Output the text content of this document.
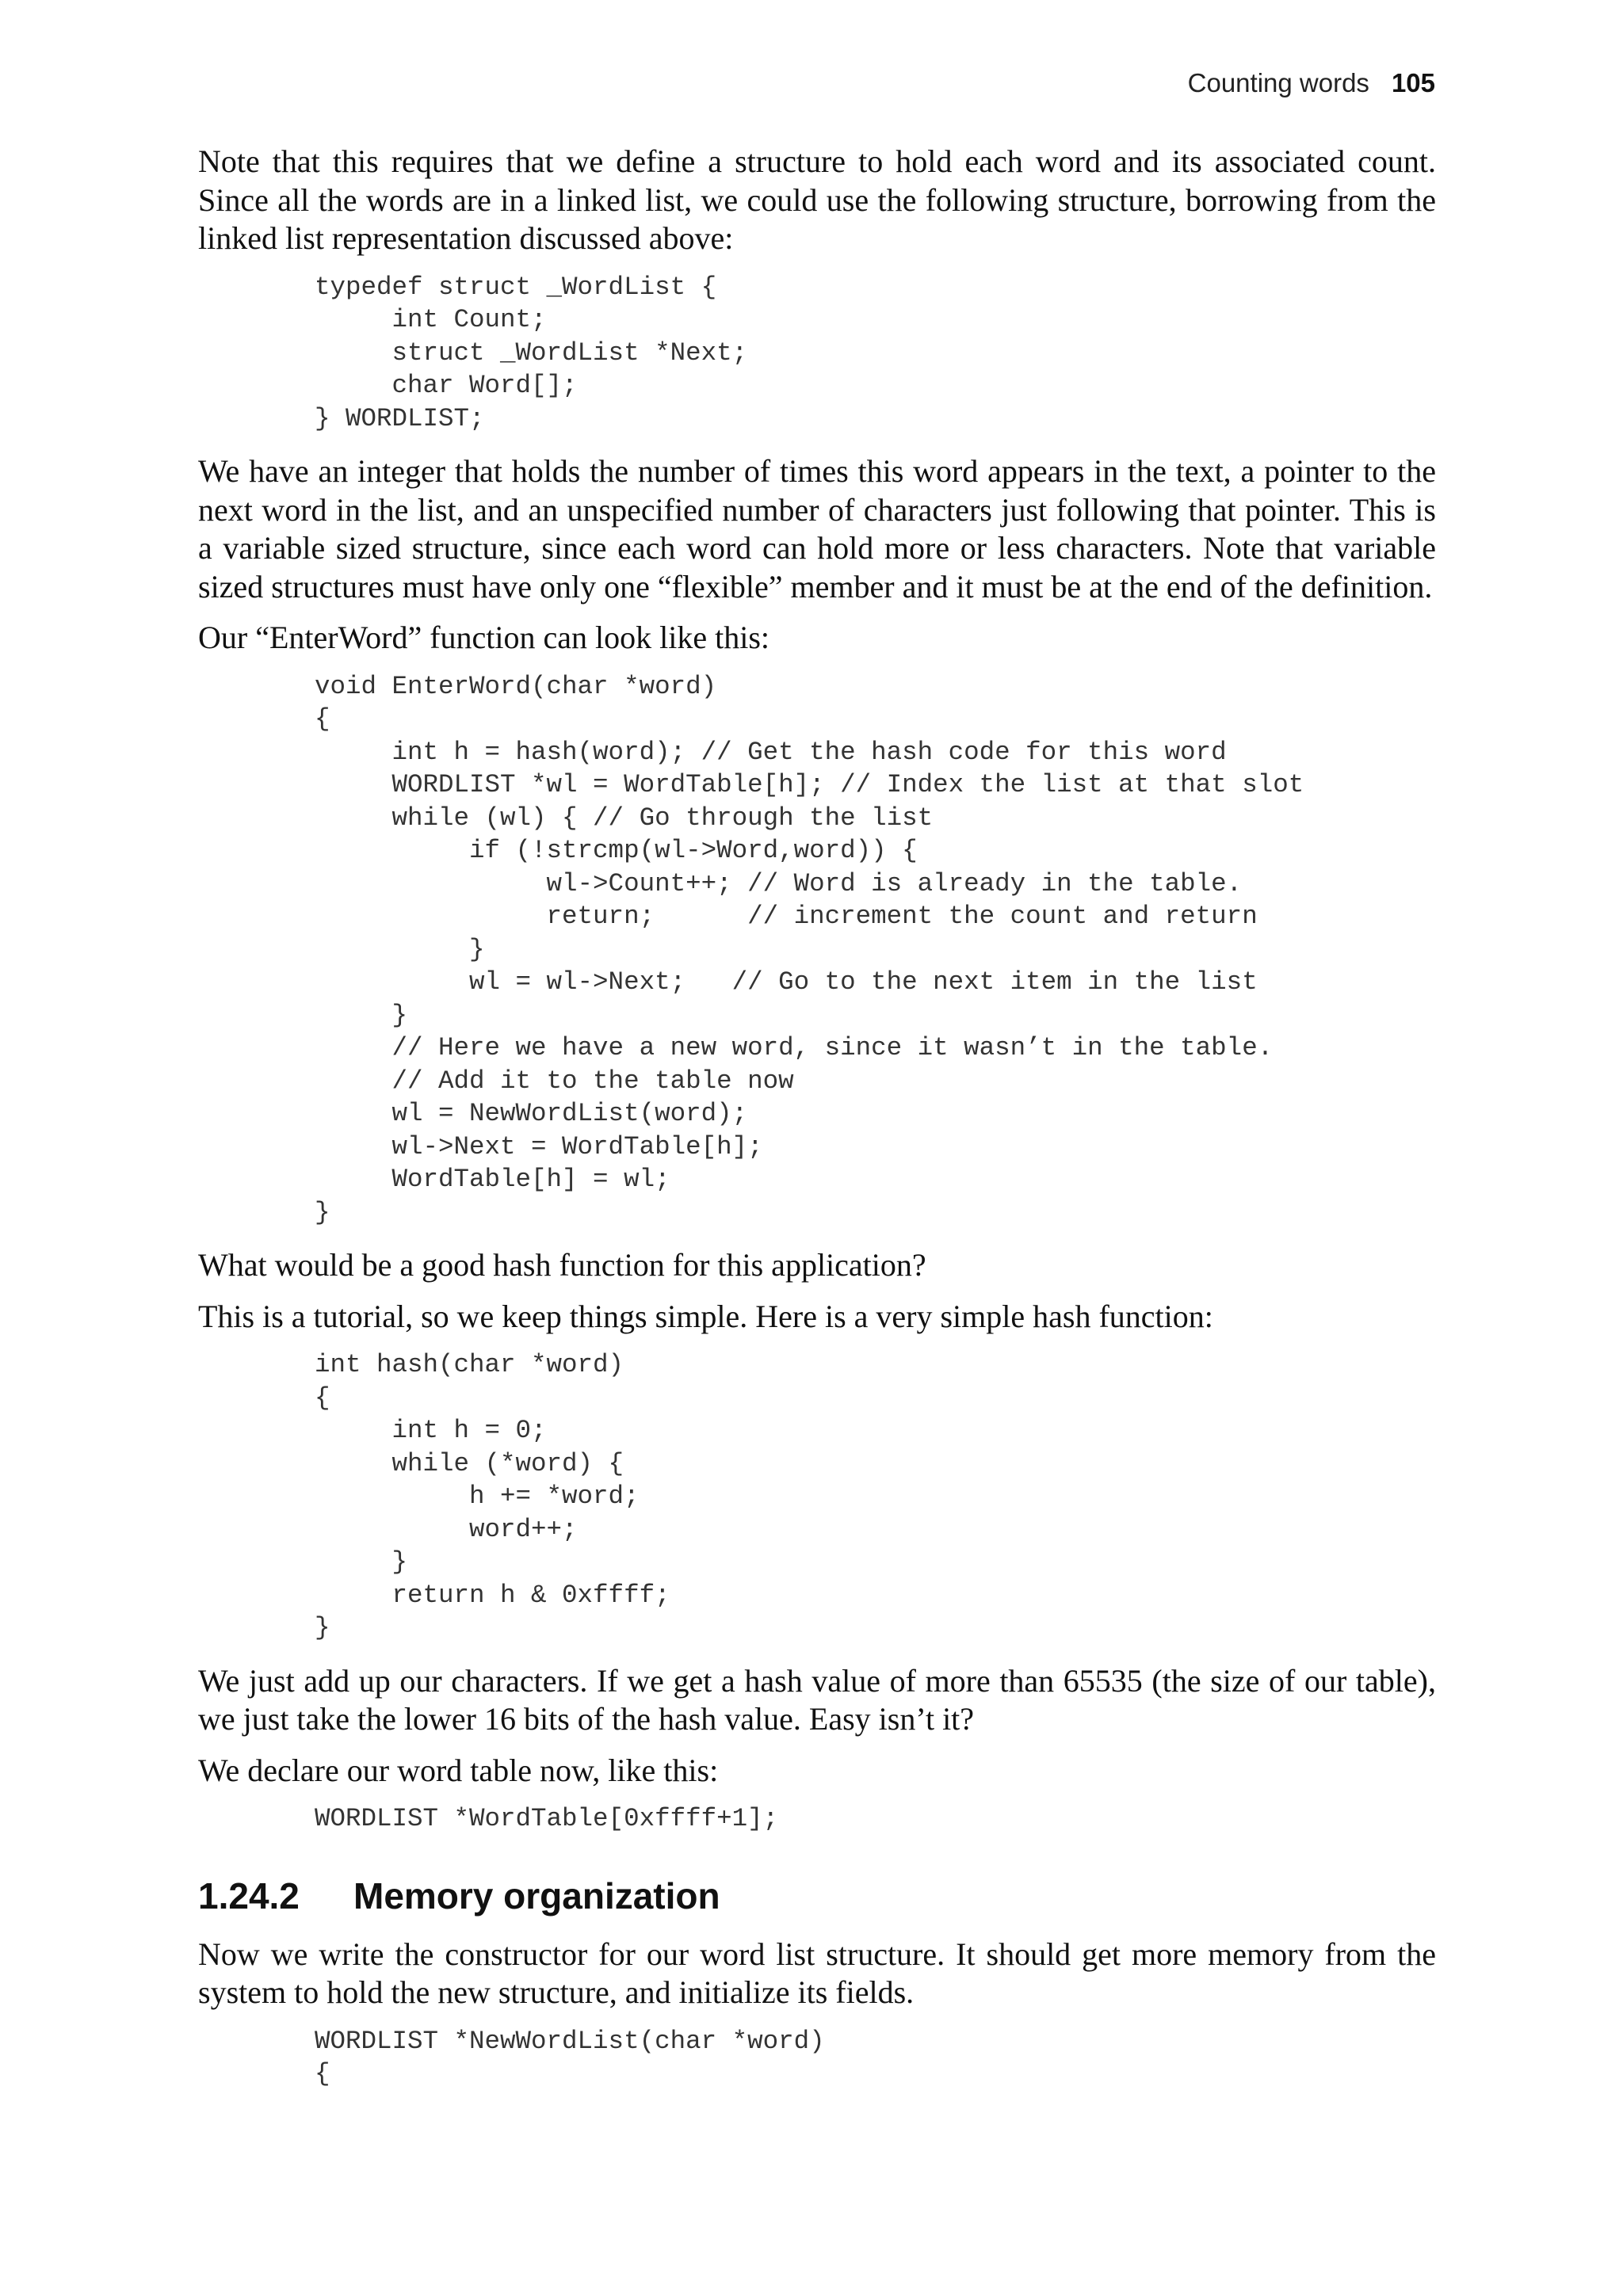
Counting words 105

Note that this requires that we define a structure to hold each word and its associated count. Since all the words are in a linked list, we could use the following structure, borrowing from the linked list representation discussed above:

typedef struct _WordList {
int Count;
struct _WordList *Next;
char Word[];
} WORDLIST;

We have an integer that holds the number of times this word appears in the text, a pointer to the next word in the list, and an unspecified number of characters just following that pointer. This is a variable sized structure, since each word can hold more or less characters. Note that variable sized structures must have only one “flexible” member and it must be at the end of the definition.

Our “EnterWord” function can look like this:

void EnterWord(char *word)
{
int h = hash(word); // Get the hash code for this word
WORDLIST *wl = WordTable[h]; // Index the list at that slot
while (wl) { // Go through the list
if (!strcmp(wl->Word,word)) {
wl->Count++; // Word is already in the table.
return;      // increment the count and return
}
wl = wl->Next;   // Go to the next item in the list
}
// Here we have a new word, since it wasn’t in the table.
// Add it to the table now
wl = NewWordList(word);
wl->Next = WordTable[h];
WordTable[h] = wl;
}

What would be a good hash function for this application?

This is a tutorial, so we keep things simple. Here is a very simple hash function:

int hash(char *word)
{
int h = 0;
while (*word) {
h += *word;
word++;
}
return h & 0xffff;
}

We just add up our characters. If we get a hash value of more than 65535 (the size of our table), we just take the lower 16 bits of the hash value. Easy isn’t it?

We declare our word table now, like this:

WORDLIST *WordTable[0xffff+1];
1.24.2 Memory organization

Now we write the constructor for our word list structure. It should get more memory from the system to hold the new structure, and initialize its fields.

WORDLIST *NewWordList(char *word)
{
